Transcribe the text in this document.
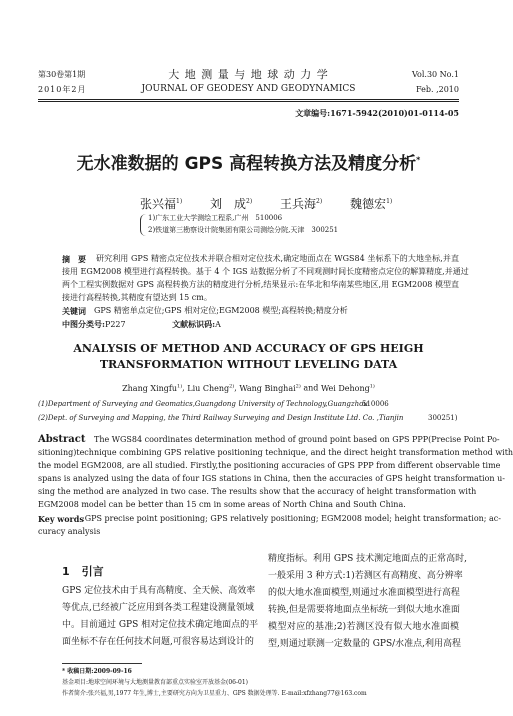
第30卷第1期
2010年2月
大 地 测 量 与 地 球 动 力 学
JOURNAL OF GEODESY AND GEODYNAMICS
Vol.30 No.1
Feb. ,2010
文章编号:1671-5942(2010)01-0114-05
无水准数据的 GPS 高程转换方法及精度分析*
张兴福$^{1)}$ 刘　成$^{2)}$ 王兵海$^{2)}$ 魏德宏$^{1)}$
1)广东工业大学测绘工程系,广州　510006
2)铁道第三勘察设计院集团有限公司测绘分院,天津　300251
摘　要 研究利用 GPS 精密点定位技术并联合相对定位技术,确定地面点在 WGS84 坐标系下的大地坐标,并直
接用 EGM2008 模型进行高程转换。基于 4 个 IGS 站数据分析了不同观测时间长度精密点定位的解算精度,并通过
两个工程实例数据对 GPS 高程转换方法的精度进行分析,结果显示:在华北和华南某些地区,用 EGM2008 模型直
接进行高程转换,其精度有望达到 15 cm。
关键词 GPS 精密单点定位;GPS 相对定位;EGM2008 模型;高程转换;精度分析
中图分类号:P227	文献标识码:A
ANALYSIS OF METHOD AND ACCURACY OF GPS HEIGH
TRANSFORMATION WITHOUT LEVELING DATA
Zhang Xingfu$^{1)}$, Liu Cheng$^{2)}$, Wang Binghai$^{2)}$ and Wei Dehong$^{1)}$
(1)Department of Surveying and Geomatics,Guangdong University of Technology,Guangzhou
510006
(2)Dept. of Surveying and Mapping, the Third Railway Surveying and Design Institute Ltd. Co. ,Tianjin	300251)
Abstract The WGS84 coordinates determination method of ground point based on GPS PPP(Precise Point Po-
sitioning)technique combining GPS relative positioning technique, and the direct height transformation method with
the model EGM2008, are all studied. Firstly,the positioning accuracies of GPS PPP from different observable time
spans is analyzed using the data of four IGS stations in China, then the accuracies of GPS height transformation u-
sing the method are analyzed in two case. The results show that the accuracy of height transformation with
EGM2008 model can be better than 15 cm in some areas of North China and South China.
Key words
:GPS precise point positioning; GPS relatively positioning; EGM2008 model; height transformation; ac-
curacy analysis
1 引言
GPS 定位技术由于具有高精度、全天候、高效率
等优点,已经被广泛应用到各类工程建设测量领域
中。目前通过 GPS 相对定位技术确定地面点的平
面坐标不存在任何技术问题,可很容易达到设计的
精度指标。利用 GPS 技术测定地面点的正常高时,
一般采用 3 种方式:1)若测区有高精度、高分辨率
的似大地水准面模型,则通过水准面模型进行高程
转换,但是需要将地面点坐标统一到似大地水准面
模型对应的基准;2)若测区没有似大地水准面模
型,则通过联测一定数量的 GPS/水准点,利用高程
* 收稿日期:2009-09-16
基金项目:地球空间环境与大地测量教育部重点实验室开放基金(06-01)
作者简介:张兴福,男,1977 年生,博士,主要研究方向为卫星重力、GPS 数据处理等. E-mail:xfzhang77@163.com
